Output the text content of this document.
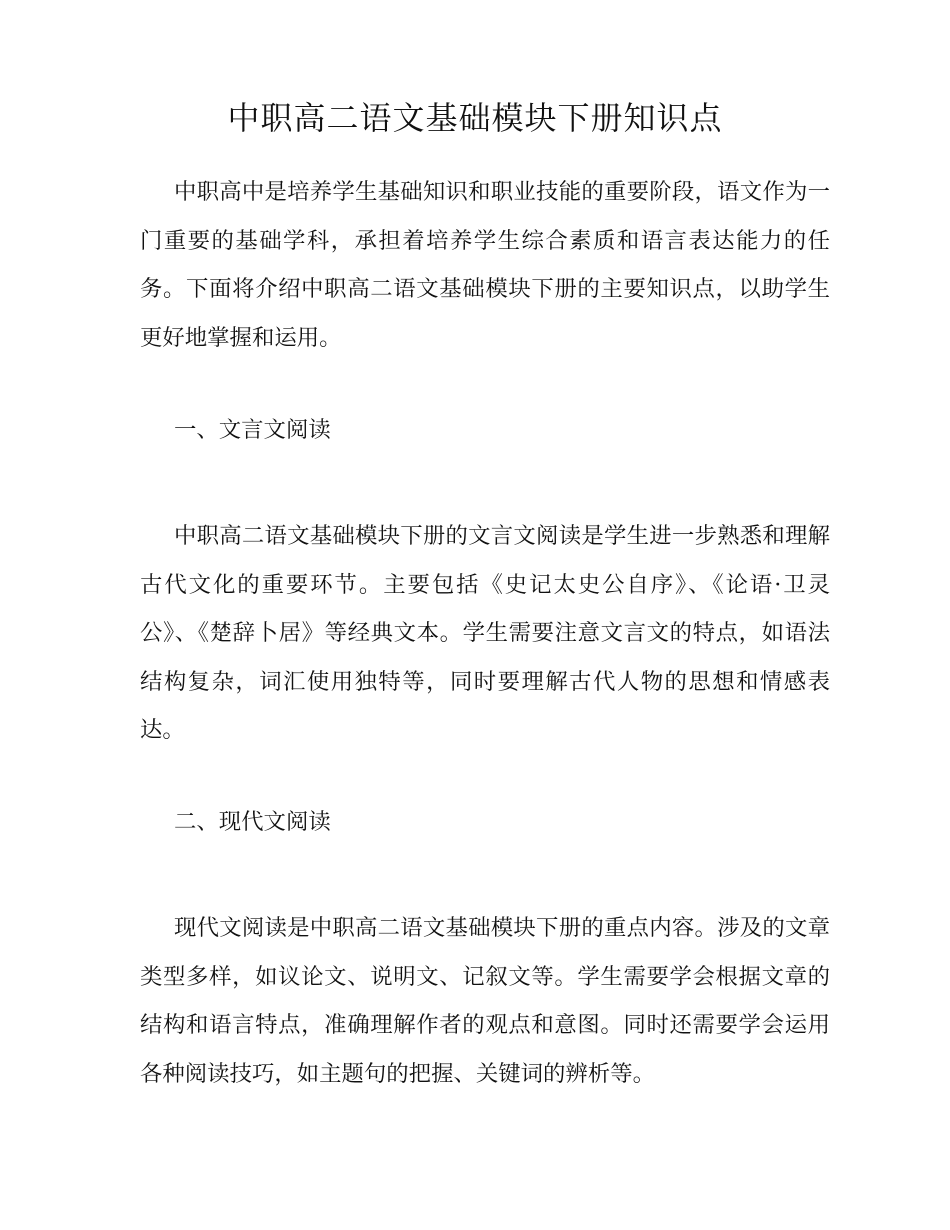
中职高二语文基础模块下册知识点

中职高中是培养学生基础知识和职业技能的重要阶段，语文作为一门重要的基础学科，承担着培养学生综合素质和语言表达能力的任务。下面将介绍中职高二语文基础模块下册的主要知识点，以助学生更好地掌握和运用。

一、文言文阅读

中职高二语文基础模块下册的文言文阅读是学生进一步熟悉和理解古代文化的重要环节。主要包括《史记太史公自序》、《论语·卫灵公》、《楚辞卜居》等经典文本。学生需要注意文言文的特点，如语法结构复杂，词汇使用独特等，同时要理解古代人物的思想和情感表达。

二、现代文阅读

现代文阅读是中职高二语文基础模块下册的重点内容。涉及的文章类型多样，如议论文、说明文、记叙文等。学生需要学会根据文章的结构和语言特点，准确理解作者的观点和意图。同时还需要学会运用各种阅读技巧，如主题句的把握、关键词的辨析等。
